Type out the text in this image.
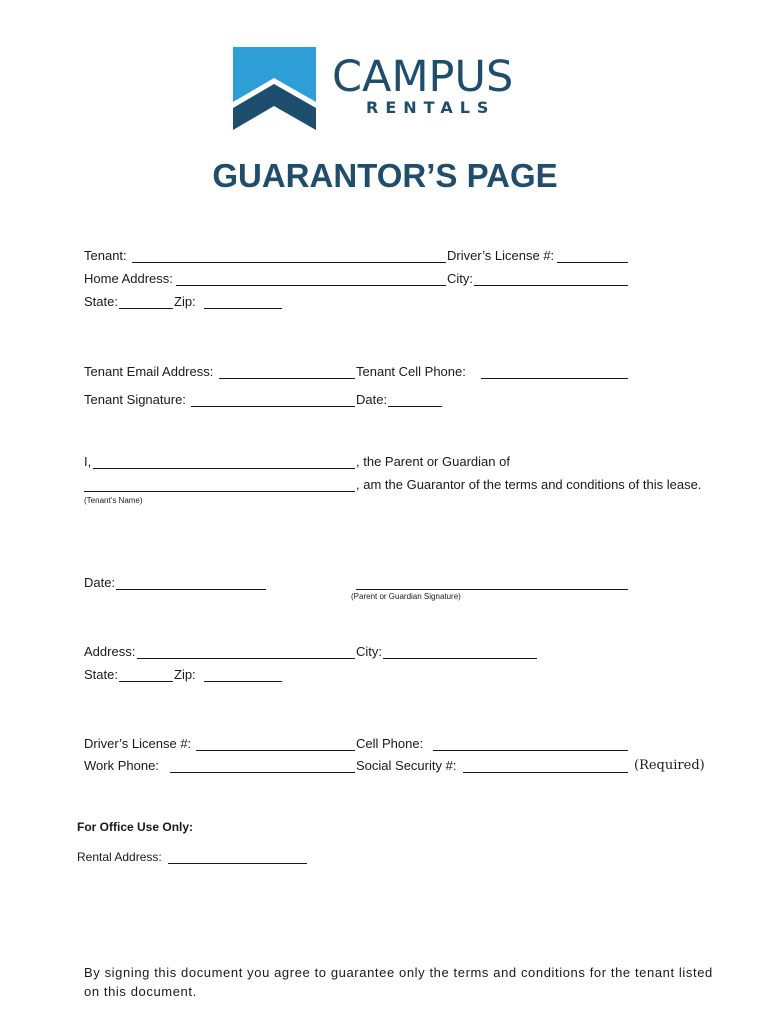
CAMPUS
RENTALS
GUARANTOR’S PAGE
Tenant:	Driver’s License #:
Home Address:	City:
State:	Zip:
Tenant Email Address:	Tenant Cell Phone:
Tenant Signature:	Date:
I,	, the Parent or Guardian of
, am the Guarantor of the terms and conditions of this lease.
(Tenant’s Name)
Date:
(Parent or Guardian Signature)
Address:	City:
State:	Zip:
Driver’s License #:	Cell Phone:
Work Phone:	Social Security #:	(Required)
For Office Use Only:
Rental Address:
By signing this document you agree to guarantee only the terms and conditions for the tenant listed on this document.
